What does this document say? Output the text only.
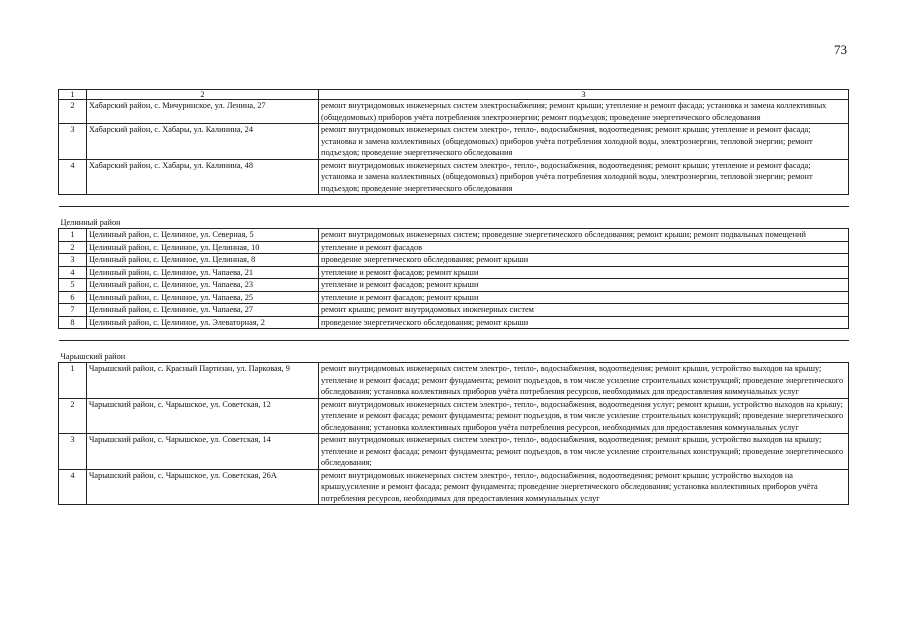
73
1	2	3
2	Хабарский район, с. Мичуринское, ул. Ленина, 27	ремонт внутридомовых инженерных систем электроснабжения; ремонт крыши; утепление и ремонт фасада; установка и замена коллективных (общедомовых) приборов учёта потребления электроэнергии; ремонт подъездов; проведение энергетического обследования
3	Хабарский район, с. Хабары, ул. Калинина, 24	ремонт внутридомовых инженерных систем электро-, тепло-, водоснабжения, водоотведения; ремонт крыши; утепление и ремонт фасада; установка и замена коллективных (общедомовых) приборов учёта потребления холодной воды, электроэнергии, тепловой энергии; ремонт подъездов; проведение энергетического обследования
4	Хабарский район, с. Хабары, ул. Калинина, 48	ремонт внутридомовых инженерных систем электро-, тепло-, водоснабжения, водоотведения; ремонт крыши; утепление и ремонт фасада; установка и замена коллективных (общедомовых) приборов учёта потребления холодной воды, электроэнергии, тепловой энергии; ремонт подъездов; проведение энергетического обследования

Целинный район		
1	Целинный район, с. Целинное, ул. Северная, 5	ремонт внутридомовых инженерных систем; проведение энергетического обследования; ремонт крыши; ремонт подвальных помещений
2	Целинный район, с. Целинное, ул. Целинная, 10	утепление и ремонт фасадов
3	Целинный район, с. Целинное, ул. Целинная, 8	проведение энергетического обследования; ремонт крыши
4	Целинный район, с. Целинное, ул. Чапаева, 21	утепление и ремонт фасадов; ремонт крыши
5	Целинный район, с. Целинное, ул. Чапаева, 23	утепление и ремонт фасадов; ремонт крыши
6	Целинный район, с. Целинное, ул. Чапаева, 25	утепление и ремонт фасадов; ремонт крыши
7	Целинный район, с. Целинное, ул. Чапаева, 27	ремонт крыши; ремонт внутридомовых инженерных систем
8	Целинный район, с. Целинное, ул. Элеваторная, 2	проведение энергетического обследования; ремонт крыши

Чарышский район		
1	Чарышский район, с. Красный Партизан, ул. Парковая, 9	ремонт внутридомовых инженерных систем электро-, тепло-, водоснабжения, водоотведения; ремонт крыши, устройство выходов на крышу; утепление и ремонт фасада; ремонт фундамента; ремонт подъездов, в том числе усиление строительных конструкций; проведение энергетического обследования; установка коллективных приборов учёта потребления ресурсов, необходимых для предоставления коммунальных услуг
2	Чарышский район, с. Чарышское, ул. Советская, 12	ремонт внутридомовых инженерных систем электро-, тепло-, водоснабжения, водоотведения услуг; ремонт крыши, устройство выходов на крышу; утепление и ремонт фасада; ремонт фундамента; ремонт подъездов, в том числе усиление строительных конструкций; проведение энергетического обследования; установка коллективных приборов учёта потребления ресурсов, необходимых для предоставления коммунальных услуг
3	Чарышский район, с. Чарышское, ул. Советская, 14	ремонт внутридомовых инженерных систем электро-, тепло-, водоснабжения, водоотведения; ремонт крыши, устройство выходов на крышу; утепление и ремонт фасада; ремонт фундамента; ремонт подъездов, в том числе усиление строительных конструкций; проведение энергетического обследования;
4	Чарышский район, с. Чарышское, ул. Советская, 26А	ремонт внутридомовых инженерных систем электро-, тепло-, водоснабжения, водоотведения; ремонт крыши; устройство выходов на крышу,усиление и ремонт фасада; ремонт фундамента; проведение энергетического обследования; установка коллективных приборов учёта потребления ресурсов, необходимых для предоставления коммунальных услуг
